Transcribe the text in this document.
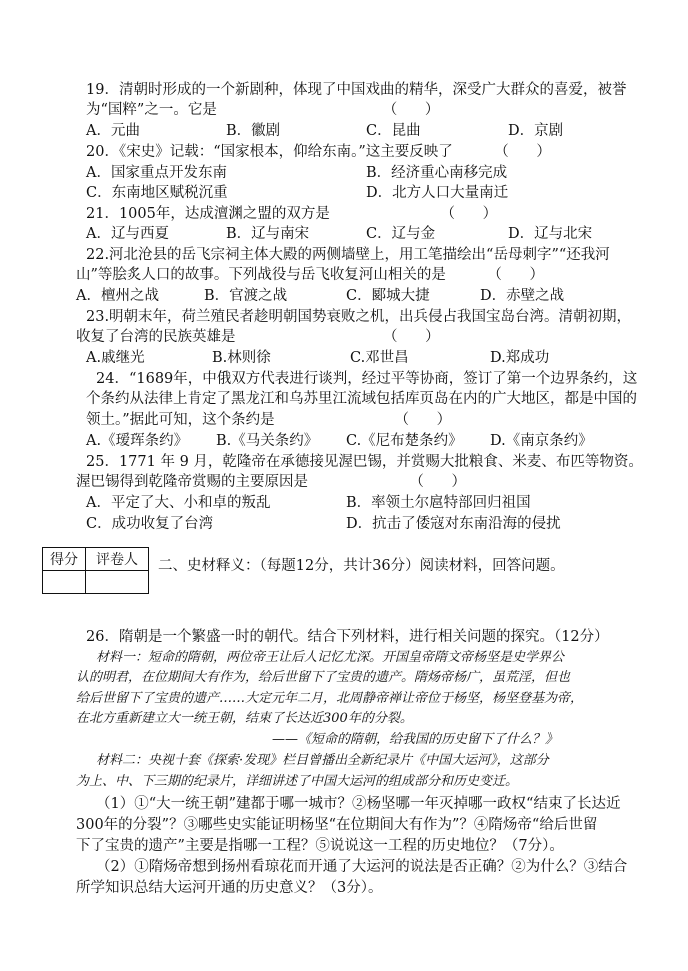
19．清朝时形成的一个新剧种，体现了中国戏曲的精华，深受广大群众的喜爱，被誉
为“国粹”之一。它是                                    （      ）
A．元曲	B．徽剧	C．昆曲	D．京剧
20．《宋史》记载：“国家根本，仰给东南。”这主要反映了         （      ）
A．国家重点开发东南	B．经济重心南移完成
C．东南地区赋税沉重	D．北方人口大量南迁
21．1005年，达成澶渊之盟的双方是                        （      ）
A．辽与西夏	B．辽与南宋	C．辽与金	D．辽与北宋
22.河北沧县的岳飞宗祠主体大殿的两侧墙壁上，用工笔描绘出“岳母刺字”“还我河
山”等脍炙人口的故事。下列战役与岳飞收复河山相关的是         （      ）
A．檀州之战	B．官渡之战	C．郾城大捷	D．赤壁之战
23.明朝末年，荷兰殖民者趁明朝国势衰败之机，出兵侵占我国宝岛台湾。清朝初期，
收复了台湾的民族英雄是                                （      ）
A.戚继光	B.林则徐	C.邓世昌	D.郑成功
24．“1689年，中俄双方代表进行谈判，经过平等协商，签订了第一个边界条约，这
个条约从法律上肯定了黑龙江和乌苏里江流域包括库页岛在内的广大地区，都是中国的
领土。”据此可知，这个条约是                          （      ）
A.《瑷珲条约》 B.《马关条约》 C.《尼布楚条约》 D.《南京条约》
25．1771 年 9 月，乾隆帝在承德接见渥巴锡，并赏赐大批粮食、米麦、布匹等物资。
渥巴锡得到乾隆帝赏赐的主要原因是                      （      ）
A．平定了大、小和卓的叛乱	B．率领土尔扈特部回归祖国
C．成功收复了台湾	D．抗击了倭寇对东南沿海的侵扰
得分	评卷人
	二、史材释义：（每题12分，共计36分）阅读材料，回答问题。
26．隋朝是一个繁盛一时的朝代。结合下列材料，进行相关问题的探究。（12分）
材料一：短命的隋朝，两位帝王让后人记忆尤深。开国皇帝隋文帝杨坚是史学界公
认的明君，在位期间大有作为，给后世留下了宝贵的遗产。隋炀帝杨广，虽荒淫，但也
给后世留下了宝贵的遗产……大定元年二月，北周静帝禅让帝位于杨坚，杨坚登基为帝，
在北方重新建立大一统王朝，结束了长达近300年的分裂。
——《短命的隋朝，给我国的历史留下了什么？》
材料二：央视十套《探索·发现》栏目曾播出全新纪录片《中国大运河》，这部分
为上、中、下三期的纪录片，详细讲述了中国大运河的组成部分和历史变迁。
（1）①“大一统王朝”建都于哪一城市？②杨坚哪一年灭掉哪一政权“结束了长达近
300年的分裂”？③哪些史实能证明杨坚“在位期间大有作为”？④隋炀帝“给后世留
下了宝贵的遗产”主要是指哪一工程？⑤说说这一工程的历史地位？（7分）。
（2）①隋炀帝想到扬州看琼花而开通了大运河的说法是否正确？②为什么？③结合
所学知识总结大运河开通的历史意义？（3分）。
